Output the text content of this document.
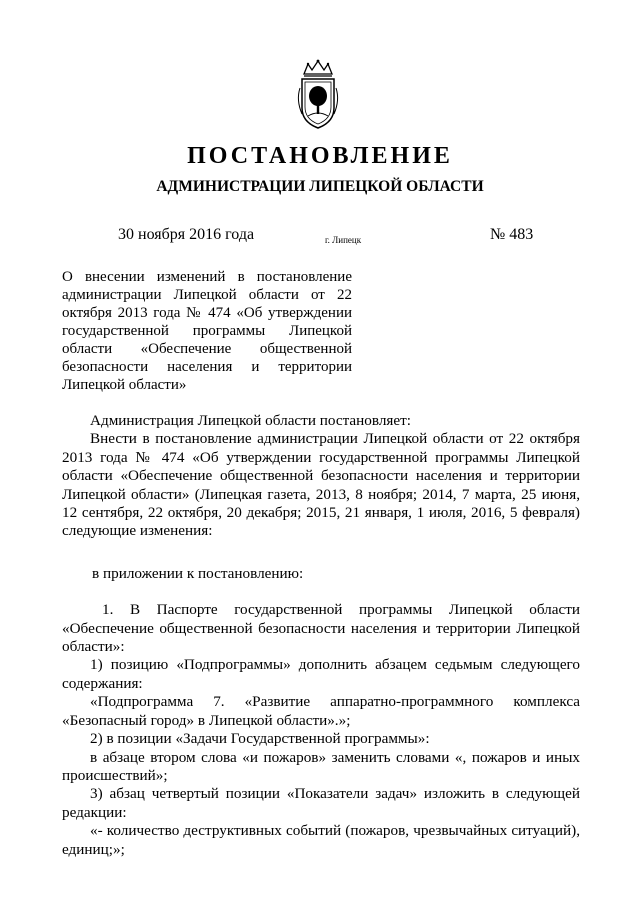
ПОСТАНОВЛЕНИЕ
АДМИНИСТРАЦИИ ЛИПЕЦКОЙ ОБЛАСТИ
30 ноября 2016 года	г. Липецк	№ 483
О внесении изменений в постановление администрации Липецкой области от 22 октября 2013 года № 474 «Об утверждении государственной программы Липецкой области «Обеспечение общественной безопасности населения и территории Липецкой области»

Администрация Липецкой области постановляет:

Внести в постановление администрации Липецкой области от 22 октября 2013 года № 474 «Об утверждении государственной программы Липецкой области «Обеспечение общественной безопасности населения и территории Липецкой области» (Липецкая газета, 2013, 8 ноября; 2014, 7 марта, 25 июня, 12 сентября, 22 октября, 20 декабря; 2015, 21 января, 1 июля, 2016, 5 февраля) следующие изменения:

в приложении к постановлению:

1. В Паспорте государственной программы Липецкой области «Обеспечение общественной безопасности населения и территории Липецкой области»:

1) позицию «Подпрограммы» дополнить абзацем седьмым следующего содержания:

«Подпрограмма 7. «Развитие аппаратно-программного комплекса «Безопасный город» в Липецкой области».»;

2) в позиции «Задачи Государственной программы»:

в абзаце втором слова «и пожаров» заменить словами «, пожаров и иных происшествий»;

3) абзац четвертый позиции «Показатели задач» изложить в следующей редакции:

«- количество деструктивных событий (пожаров, чрезвычайных ситуаций), единиц;»;
